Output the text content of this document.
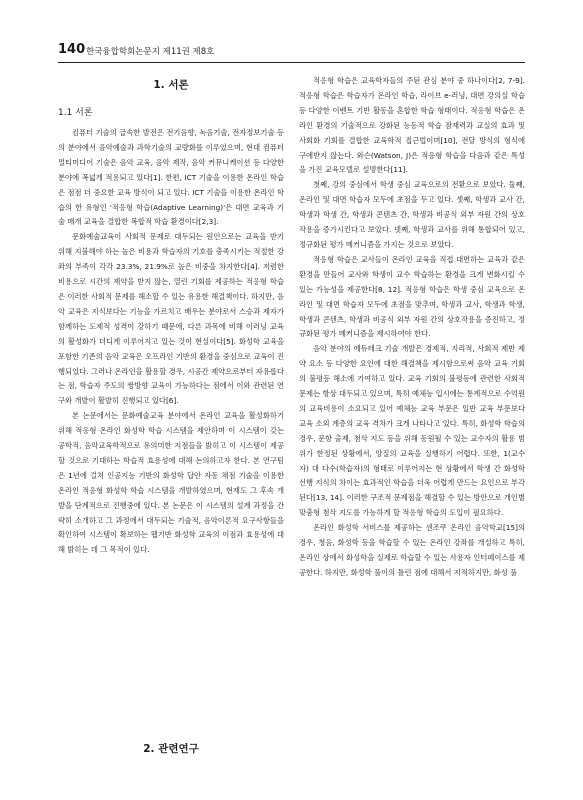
140 한국융합학회논문지 제11권 제8호
1. 서론
1.1 서론

컴퓨터 기술의 급속한 발전은 전기음향, 녹음기술, 전자정보기술 등의 분야에서 음악예술과 과학기술의 교량화를 이루었으며, 현대 컴퓨터 멀티미디어 기술은 음악 교육, 음악 제작, 음악 커뮤니케이션 등 다양한 분야에 폭넓게 적용되고 있다[1]. 한편, ICT 기술을 이용한 온라인 학습은 점점 더 중요한 교육 방식이 되고 있다. ICT 기술을 이용한 온라인 학습의 한 유형인 '적응형 학습(Adaptive Learning)'은 대면 교육과 기술 매개 교육을 결합한 복합적 학습 환경이다[2,3].

문화예술교육이 사회적 문제로 대두되는 원인으로는 교육을 받기 위해 지불해야 하는 높은 비용과 학습자의 기호를 충족시키는 적절한 강좌의 부족이 각각 23.3%, 21.9%로 높은 비중을 차지한다[4]. 저렴한 비용으로 시간의 제약을 받지 않는, 열린 기회를 제공하는 적응형 학습은 이러한 사회적 문제를 해소할 수 있는 유용한 해결책이다. 하지만, 음악 교육은 지식보다는 기능을 가르치고 배우는 분야로서 스승과 제자가 함께하는 도제적 성격이 강하기 때문에, 다른 과목에 비해 이러닝 교육의 활성화가 더디게 이루어지고 있는 것이 현실이다[5]. 화성학 교육을 포함한 기존의 음악 교육은 오프라인 기반의 환경을 중심으로 교육이 진행되었다. 그러나 온라인을 활용할 경우, 시공간 제약으로부터 자유롭다는 점, 학습자 주도의 쌍방향 교육이 가능하다는 점에서 이와 관련된 연구와 개발이 활발히 진행되고 있다[6].

본 논문에서는 문화예술교육 분야에서 온라인 교육을 활성화하기 위해 적응형 온라인 화성학 학습 시스템을 제안하며 이 시스템이 갖는 공학적, 음악교육학적으로 유의미한 지점들을 밝히고 이 시스템이 제공할 것으로 기대하는 학습적 효용성에 대해 논의하고자 한다. 본 연구팀은 1년에 걸쳐 인공지능 기반의 화성학 답안 자동 채점 기술을 이용한 온라인 적응형 화성학 학습 시스템을 개발하였으며, 현재도 그 후속 개발을 단계적으로 진행중에 있다. 본 논문은 이 시스템의 설계 과정을 간략히 소개하고 그 과정에서 대두되는 기술적, 음악이론적 요구사항들을 확인하여 시스템이 확보하는 웹기반 화성학 교육의 이점과 효용성에 대해 밝히는 데 그 목적이 있다.

2. 관련연구

적응형 학습은 교육학자들의 주된 관심 분야 중 하나이다[2, 7-9]. 적응형 학습은 학습자가 온라인 학습, 라이브 e-러닝, 대면 강의실 학습 등 다양한 이벤트 기반 활동을 혼합한 학습 형태이다. 적응형 학습은 온라인 환경의 기술적으로 강화된 능동적 학습 잠재력과 교실의 효과 및 사회화 기회를 결합한 교육학적 접근법이며[10], 전달 방식의 형식에 구애받지 않는다. 와슨(Watson, J)은 적응형 학습을 다음과 같은 특성을 가진 교육모델로 설명한다[11].

첫째, 강의 중심에서 학생 중심 교육으로의 전환으로 보았다. 둘째, 온라인 및 대면 학습자 모두에 초점을 두고 있다. 셋째, 학생과 교사 간, 학생과 학생 간, 학생과 콘텐츠 간, 학생과 비공식 외부 자원 간의 상호작용을 증가시킨다고 보았다. 넷째, 학생과 교사를 위해 통합되어 있고, 정규화된 평가 메커니즘을 가지는 것으로 보았다.

적응형 학습은 교사들이 온라인 교육을 직접 대면하는 교육과 같은 환경을 만들어 교사와 학생이 교수 학습하는 환경을 크게 변화시킬 수 있는 가능성을 제공한다[8, 12]. 적응형 학습은 학생 중심 교육으로 온라인 및 대면 학습자 모두에 초점을 맞추며, 학생과 교사, 학생과 학생, 학생과 콘텐츠, 학생과 비공식 외부 자원 간의 상호작용을 증진하고, 정규화된 평가 메커니즘을 제시하여야 한다.

음악 분야의 에듀테크 기술 개발은 경제적, 지리적, 사회적 제반 제약 요소 등 다양한 요인에 대한 해결책을 제시함으로써 음악 교육 기회의 불평등 해소에 기여하고 있다. 교육 기회의 불평등에 관련한 사회적 문제는 항상 대두되고 있으며, 특히 예체능 입시에는 통계적으로 수억원의 교육비용이 소요되고 있어 예체능 교육 부문은 일반 교육 부문보다 교육 소외 계층의 교육 격차가 크게 나타나고 있다. 특히, 화성학 학습의 경우, 문항 출제, 첨삭 지도 등을 위해 동원될 수 있는 교수자의 활용 범위가 한정된 상황에서, 양질의 교육을 실행하기 어렵다. 또한, 1(교수자) 대 다수(학습자)의 형태로 이루어지는 현 상황에서 학생 간 화성학 선행 지식의 차이는 효과적인 학습을 더욱 어렵게 만드는 요인으로 부각된다[13, 14]. 이러한 구조적 문제점을 해결할 수 있는 방안으로 개인별 맞춤형 첨삭 지도를 가능하게 할 적응형 학습의 도입이 필요하다.

온라인 화성학 서비스를 제공하는 센조쿠 온라인 음악학교[15]의 경우, 청음, 화성학 등을 학습할 수 있는 온라인 강좌를 개설하고 특히, 온라인 상에서 화성학을 실제로 학습할 수 있는 사용자 인터페이스를 제공한다. 하지만, 화성학 풀이의 틀린 점에 대해서 지적하지만, 화성 풀
